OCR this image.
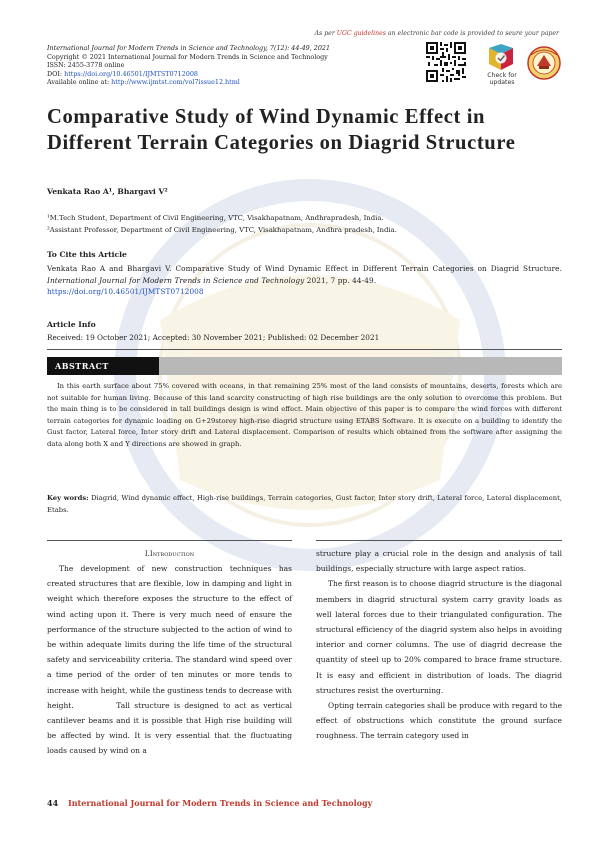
As per UGC guidelines an electronic bar code is provided to seure your paper
International Journal for Modern Trends in Science and Technology, 7(12): 44-49, 2021
Copyright © 2021 International Journal for Modern Trends in Science and Technology
ISSN: 2455-3778 online
DOI: https://doi.org/10.46501/IJMTST0712008
Available online at: http://www.ijmtst.com/vol7issue12.html
Check for
updates
Comparative Study of Wind Dynamic Effect in Different Terrain Categories on Diagrid Structure
Venkata Rao A¹, Bhargavi V²
¹M.Tech Student, Department of Civil Engineering, VTC, Visakhapatnam, Andhrapradesh, India.
²Assistant Professor, Department of Civil Engineering, VTC, Visakhapatnam, Andhra pradesh, India.
To Cite this Article
Venkata Rao A and Bhargavi V. Comparative Study of Wind Dynamic Effect in Different Terrain Categories on Diagrid Structure. International Journal for Modern Trends in Science and Technology 2021, 7 pp. 44-49.
https://doi.org/10.46501/IJMTST0712008
Article Info
Received: 19 October 2021; Accepted: 30 November 2021; Published: 02 December 2021
ABSTRACT
In this earth surface about 75% covered with oceans, in that remaining 25% most of the land consists of mountains, deserts, forests which are not suitable for human living. Because of this land scarcity constructing of high rise buildings are the only solution to overcome this problem. But the main thing is to be considered in tall buildings design is wind effect. Main objective of this paper is to compare the wind forces with different terrain categories for dynamic loading on G+29storey high-rise diagrid structure using ETABS Software. It is execute on a building to identify the Gust factor, Lateral force, Inter story drift and Lateral displacement. Comparison of results which obtained from the software after assigning the data along both X and Y directions are showed in graph.
Key words: Diagrid, Wind dynamic effect, High-rise buildings, Terrain categories, Gust factor, Inter story drift, Lateral force, Lateral displacement, Etabs.
I.Introduction

The development of new construction techniques has created structures that are flexible, low in damping and light in weight which therefore exposes the structure to the effect of wind acting upon it. There is very much need of ensure the performance of the structure subjected to the action of wind to be within adequate limits during the life time of the structural safety and serviceability criteria. The standard wind speed over a time period of the order of ten minutes or more tends to increase with height, while the gustiness tends to decrease with height.          Tall structure is designed to act as vertical cantilever beams and it is possible that High rise building will be affected by wind. It is very essential that the fluctuating loads caused by wind on a

structure play a crucial role in the design and analysis of tall buildings, especially structure with large aspect ratios.

The first reason is to choose diagrid structure is the diagonal members in diagrid structural system carry gravity loads as well lateral forces due to their triangulated configuration. The structural efficiency of the diagrid system also helps in avoiding interior and corner columns. The use of diagrid decrease the quantity of steel up to 20% compared to brace frame structure. It is easy and efficient in distribution of loads. The diagrid structures resist the overturning.

Opting terrain categories shall be produce with regard to the effect of obstructions which constitute the ground surface roughness. The terrain category used in

44 International Journal for Modern Trends in Science and Technology
